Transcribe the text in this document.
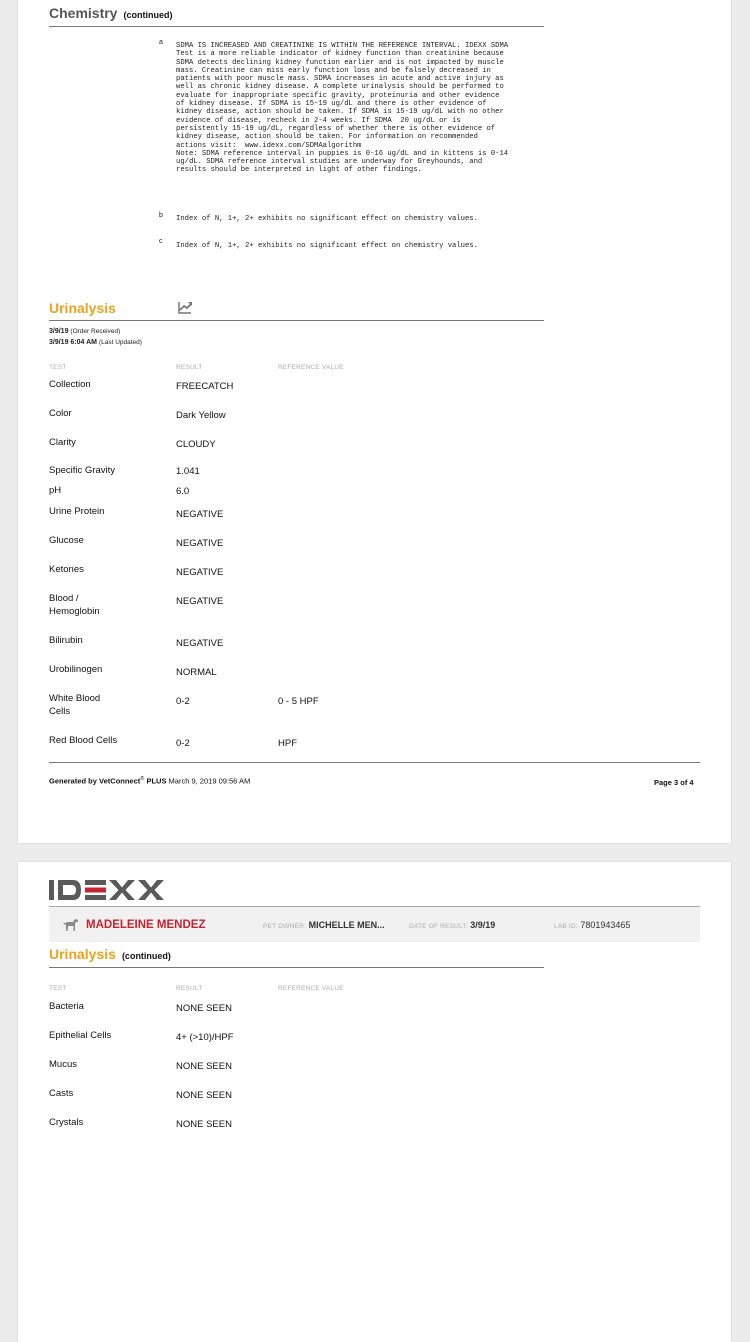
Chemistry (continued)
a SDMA IS INCREASED AND CREATININE IS WITHIN THE REFERENCE INTERVAL. IDEXX SDMA
Test is a more reliable indicator of kidney function than creatinine because
SDMA detects declining kidney function earlier and is not impacted by muscle
mass. Creatinine can miss early function loss and be falsely decreased in
patients with poor muscle mass. SDMA increases in acute and active injury as
well as chronic kidney disease. A complete urinalysis should be performed to
evaluate for inappropriate specific gravity, proteinuria and other evidence
of kidney disease. If SDMA is 15-19 ug/dL and there is other evidence of
kidney disease, action should be taken. If SDMA is 15-19 ug/dL with no other
evidence of disease, recheck in 2-4 weeks. If SDMA  20 ug/dL or is
persistently 15-19 ug/dL, regardless of whether there is other evidence of
kidney disease, action should be taken. For information on recommended
actions visit:  www.idexx.com/SDMAalgorithm
Note: SDMA reference interval in puppies is 0-16 ug/dL and in kittens is 0-14
ug/dL. SDMA reference interval studies are underway for Greyhounds, and
results should be interpreted in light of other findings.
b Index of N, 1+, 2+ exhibits no significant effect on chemistry values.
c
Index of N, 1+, 2+ exhibits no significant effect on chemistry values.
Urinalysis
3/9/19 (Order Received)
3/9/19 6:04 AM (Last Updated)
TEST	RESULT	REFERENCE VALUE
Collection	FREECATCH
Color	Dark Yellow
Clarity	CLOUDY
Specific Gravity	1.041
pH	6.0
Urine Protein	NEGATIVE
Glucose	NEGATIVE
Ketones	NEGATIVE
Blood /
Hemoglobin
NEGATIVE
Bilirubin	NEGATIVE
Urobilinogen	NORMAL
White Blood
Cells
0-2	0 - 5 HPF
Red Blood Cells	0-2	HPF
Generated by VetConnect® PLUS March 9, 2019 09:56 AM	Page 3 of 4
MADELEINE MENDEZ	PET OWNER: MICHELLE MEN...	DATE OF RESULT: 3/9/19	LAB ID: 7801943465
Urinalysis (continued)
TEST	RESULT	REFERENCE VALUE
Bacteria	NONE SEEN
Epithelial Cells	4+ (>10)/HPF
Mucus	NONE SEEN
Casts	NONE SEEN
Crystals	NONE SEEN
